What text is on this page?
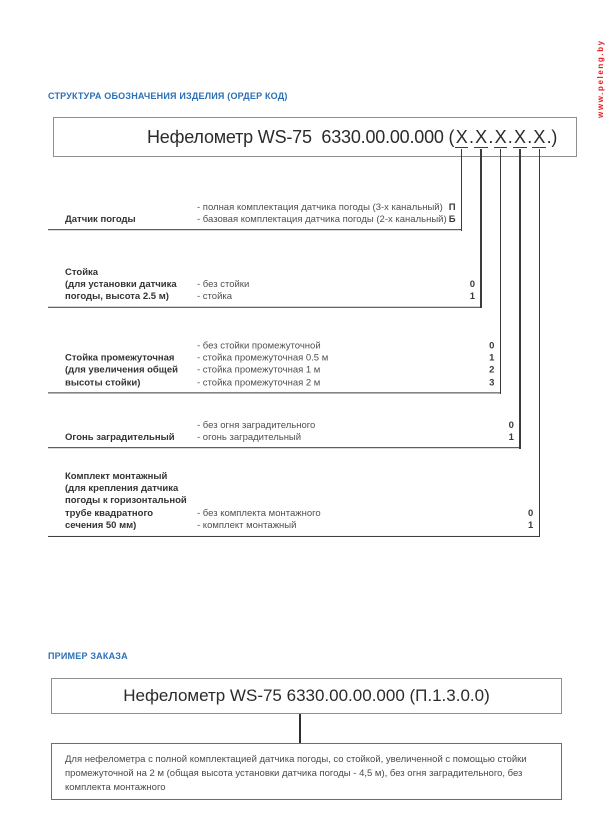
www.peleng.by
СТРУКТУРА ОБОЗНАЧЕНИЯ ИЗДЕЛИЯ (ОРДЕР КОД)
Нефелометр WS-75  6330.00.00.000 (X.X.X.X.X.)
Датчик погоды
- полная комплектация датчика погоды (3-х канальный)
- базовая комплектация датчика погоды (2-х канальный)
П
Б
Стойка
(для установки датчика
погоды, высота 2.5 м)
- без стойки
- стойка
0
1
Стойка промежуточная
(для увеличения общей
высоты стойки)
- без стойки промежуточной
- стойка промежуточная 0.5 м
- стойка промежуточная 1 м
- стойка промежуточная 2 м
0
1
2
3
Огонь заградительный
- без огня заградительного
- огонь заградительный
0
1
Комплект монтажный
(для крепления датчика
погоды к горизонтальной
трубе квадратного
сечения 50 мм)
- без комплекта монтажного
- комплект монтажный
0
1
ПРИМЕР ЗАКАЗА
Нефелометр WS-75 6330.00.00.000 (П.1.3.0.0)
Для нефелометра с полной комплектацией датчика погоды, со стойкой, увеличенной с помощью стойки промежуточной на 2 м (общая высота установки датчика погоды - 4,5 м), без огня заградительного, без комплекта монтажного
